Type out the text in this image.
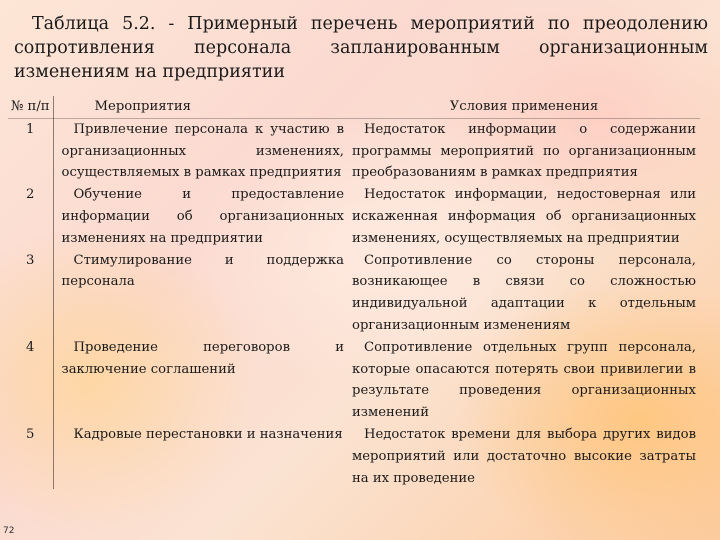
Таблица 5.2. - Примерный перечень мероприятий по преодолению сопротивления персонала запланированным организационным изменениям на предприятии
№ п/п	Мероприятия	Условия применения
1	Привлечение персонала к участию в организационных изменениях, осуществляемых в рамках предприятия	Недостаток информации о содержании программы мероприятий по организационным преобразованиям в рамках предприятия
2	Обучение и предоставление информации об организационных изменениях на предприятии	Недостаток информации, недостоверная или искаженная информация об организационных изменениях, осуществляемых на предприятии
3	Стимулирование и поддержка персонала	Сопротивление со стороны персонала, возникающее в связи со сложностью индивидуальной адаптации к отдельным организационным изменениям
4	Проведение переговоров и заключение соглашений	Сопротивление отдельных групп персонала, которые опасаются потерять свои привилегии в результате проведения организационных изменений
5	Кадровые перестановки и назначения	Недостаток времени для выбора других видов мероприятий или достаточно высокие затраты на их проведение
72
